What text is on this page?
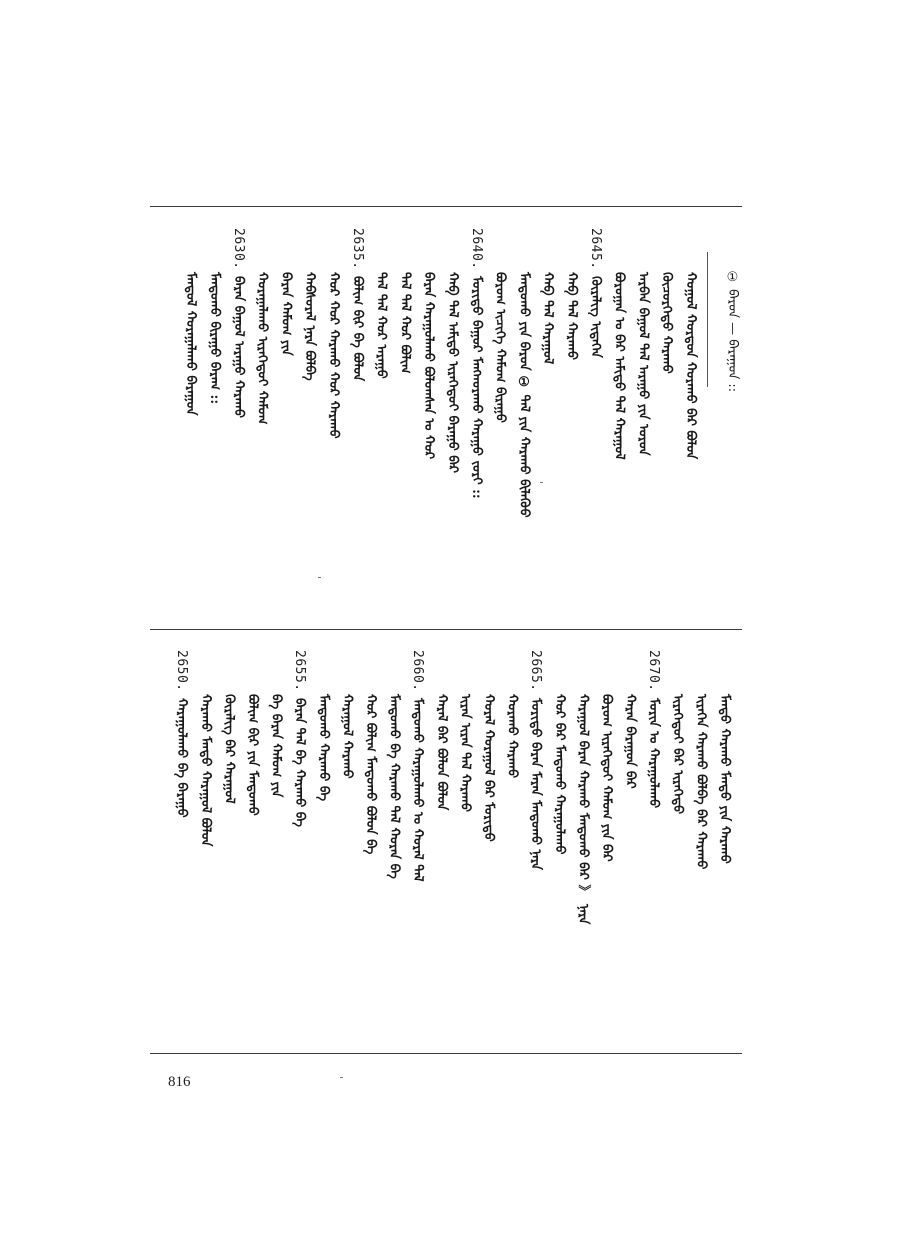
① ᠪᠠᠷᠤᠨ — ᠪᠠᠷᠠᠭᠤᠨ ::
ᠬᠤᠭᠤᠯ ᠬᠤᠷᠳᠤᠨ ᠬᠤᠷᠠᠬᠤ ᠪᠡᠷ ᠪᠣᠯᠤᠨ
ᠬᠦᠴᠦᠷᠭᠡᠳᠦ ᠬᠠᠷᠠᠬᠤ
ᠠᠷᠪᠠᠨ ᠪᠠᠭᠤᠯ ᠲᠠᠯ ᠠᠷᠠᠭᠤ ᠶᠢᠨ ᠣᠷᠣᠨ
ᠪᠣᠷᠣᠭᠠᠨ ᠤ ᠪᠠᠷ ᠠᠮᠢᠳᠤ ᠲᠠᠯ ᠬᠠᠷᠠᠭᠤᠯ
2645.
ᠬᠦᠷᠡᠯᠢᠭ ᠢᠳᠡᠭᠡᠨ
ᠬᠠᠪ ᠲᠠᠯ ᠬᠠᠷᠠᠬᠤ
ᠬᠠᠪ ᠲᠠᠯ ᠬᠠᠷᠠᠭᠤᠯ
ᠮᠠᠨᠳᠤᠬᠤ ᠶᠢᠨ ᠪᠠᠷᠤᠨ ① ᠲᠠᠯ ᠶᠢᠨ ᠬᠠᠷᠠᠬᠤ ᠪᠢᠯᠡᠭᠦᠦ
ᠪᠣᠷᠣᠭ ᠢᠴᠢᠭᠡ ᠬᠠᠮᠤᠭ ᠪᠢᠷᠠᠭᠤ
2640.
ᠮᠣᠷᠢᠳᠤ ᠪᠠᠭᠤᠷ ᠮᠠᠩᠬᠤᠷᠠᠬᠤ ᠬᠠᠷᠠᠭᠤ ᠵᠣᠷᠢ ::
ᠬᠠᠪ ᠲᠠᠯ ᠠᠮᠢᠳᠤ ᠢᠷᠡᠭᠡᠳᠦᠢ ᠪᠠᠷᠠᠭᠤ ᠪᠠᠷ
ᠪᠠᠷᠠᠨ ᠬᠠᠷᠠᠭᠤᠯᠠᠬᠤ ᠪᠣᠯᠤᠭᠰᠠᠨ ᠤ ᠬᠤᠷ
ᠲᠠᠯ ᠲᠠᠯ ᠬᠤᠷ ᠪᠤᠯᠢᠭ
ᠲᠠᠯ ᠲᠠᠯ ᠬᠤᠷ ᠠᠷᠠᠭᠤ
2635.
ᠪᠤᠯᠢᠭ ᠪᠢᠷ ᠪᠠ ᠪᠣᠯᠤᠨ
ᠬᠣᠷ ᠬᠣᠷ ᠬᠠᠷᠠᠬᠤ ᠬᠣᠷ ᠬᠠᠷᠠᠬᠤ
ᠬᠠᠪᠰᠤᠷᠠᠯ ᠨᠠᠷᠠ ᠪᠣᠯᠪᠠ
ᠪᠠᠷᠠᠨ ᠬᠠᠮᠤᠭ ᠶᠢᠨ
ᠬᠤᠷᠠᠭᠠᠯᠠᠬᠤ ᠢᠷᠡᠭᠡᠳᠦᠢ ᠬᠠᠮᠤᠭ
2630.
ᠪᠠᠷᠠᠨ ᠪᠠᠭᠤᠯ ᠠᠷᠠᠭᠤ ᠬᠠᠷᠠᠬᠤ
ᠮᠠᠨᠳᠤᠬᠤ ᠪᠢᠷᠠᠭᠤ ᠪᠠᠷᠠᠭ ::
ᠮᠠᠨᠳᠤᠯ ᠬᠤᠷᠠᠭᠠᠯᠠᠬᠤ ᠪᠠᠷᠠᠭᠤᠨ
ᠮᠠᠨᠳᠤ ᠬᠠᠷᠠᠬᠤ ᠮᠠᠨᠳᠤ ᠶᠢᠨ ᠬᠠᠷᠠᠬᠤ
ᠢᠷᠡᠭᠡᠨ ᠬᠠᠷᠠᠬᠤ ᠪᠣᠯᠪᠠ ᠪᠠᠷ ᠬᠠᠷᠠᠬᠤ
ᠢᠷᠡᠭᠡᠳᠦᠢ ᠪᠠᠷ ᠢᠷᠡᠭᠡᠳᠦ
2670.
ᠮᠤᠷᠢᠨ ᠤ ᠬᠠᠷᠠᠭᠤᠯᠠᠬᠤ
ᠬᠠᠷᠠᠨ ᠪᠠᠷᠠᠭᠤᠨ ᠪᠠᠷ
ᠪᠣᠷᠣᠭ ᠢᠷᠡᠭᠡᠳᠦᠢ ᠬᠠᠮᠤᠭ ᠶᠢᠨ ᠪᠠᠷ
ᠬᠠᠷᠠᠭᠤᠯ ᠪᠠᠷᠠᠨ ᠬᠠᠷᠠᠬᠤ ᠮᠠᠨᠳᠤᠬᠤ ᠪᠠᠷ 》 ᠨᠠᠷᠠ
ᠬᠤᠷ ᠪᠠᠷ ᠮᠠᠨᠳᠤᠬᠤ ᠬᠠᠷᠠᠭᠤᠯᠠᠬᠤ
2665.
ᠮᠣᠷᠢᠳᠤ ᠪᠠᠷᠠᠨ ᠮᠠᠷᠠᠨ ᠮᠠᠨᠳᠤᠬᠤ ᠨᠠᠷᠠ
ᠬᠤᠷᠠᠬᠤ ᠬᠠᠷᠠᠬᠤ
ᠬᠤᠷᠠᠯ ᠬᠤᠷᠠᠭᠤᠯ ᠪᠠᠷ ᠮᠣᠷᠢᠳᠤ
ᠢᠷᠡᠨ ᠢᠷᠡᠨ ᠲᠠᠯ ᠬᠠᠷᠠᠬᠤ
ᠬᠠᠷᠠᠯ ᠪᠠᠷ ᠪᠣᠯᠤᠨ ᠪᠣᠯᠤᠨ
2660.
ᠮᠠᠨᠳᠤᠬᠤ ᠬᠠᠷᠠᠭᠤᠯᠠᠬᠤ ᠤ ᠬᠤᠷᠠᠯ ᠲᠠᠯ
ᠮᠠᠨᠳᠤᠬᠤ ᠪᠠ ᠬᠠᠷᠠᠬᠤ ᠲᠠᠯ ᠬᠤᠷᠠᠨ ᠪᠠ
ᠬᠤᠷ ᠪᠤᠯᠢᠭ ᠮᠠᠨᠳᠤᠬᠤ ᠪᠣᠯᠤᠨ ᠪᠠ
ᠬᠠᠷᠠᠭᠤᠯ ᠬᠠᠷᠠᠬᠤ
ᠮᠠᠨᠳᠤᠬᠤ ᠬᠠᠷᠠᠬᠤ ᠪᠠ
2655.
ᠪᠠᠷᠠᠨ ᠲᠠᠯ ᠪᠠ ᠬᠠᠷᠠᠬᠤ ᠪᠠ
ᠪᠠ ᠪᠠᠷᠠᠨ ᠬᠠᠮᠤᠭ ᠶᠢᠨ
ᠪᠤᠯᠢᠭ ᠪᠢᠷ ᠶᠢᠨ ᠮᠠᠨᠳᠤᠬᠤ
ᠬᠦᠷᠡᠯᠢᠭ ᠪᠠᠷ ᠬᠠᠷᠠᠭᠤᠯ
ᠬᠠᠷᠠᠬᠤ ᠮᠠᠨᠳᠤ ᠬᠠᠷᠠᠭᠤᠯ ᠪᠣᠯᠤᠨ
2650.
ᠬᠠᠷᠠᠭᠤᠯᠠᠬᠤ ᠪᠠ ᠪᠠᠷᠠᠭᠤ
816
